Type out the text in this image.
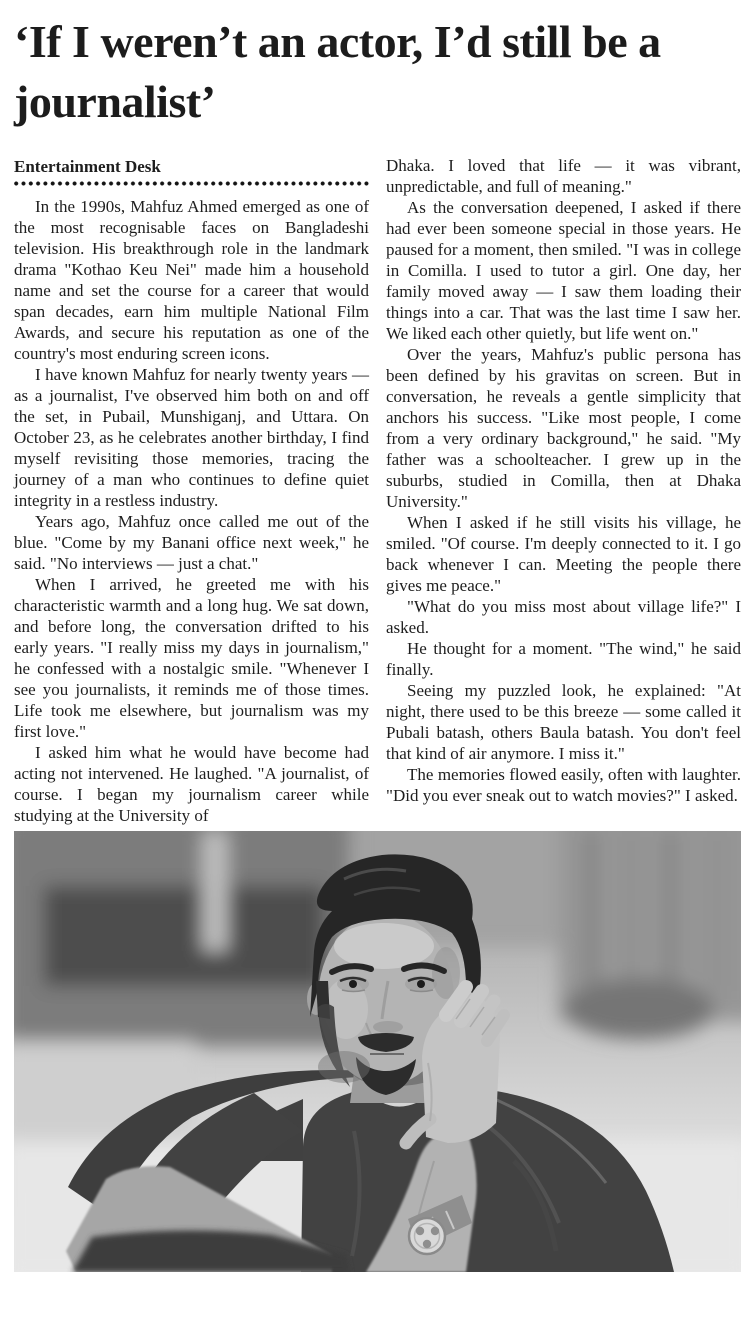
‘If I weren’t an actor, I’d still be a journalist’
Entertainment Desk

In the 1990s, Mahfuz Ahmed emerged as one of the most recognisable faces on Bangladeshi television. His breakthrough role in the landmark drama "Kothao Keu Nei" made him a household name and set the course for a career that would span decades, earn him multiple National Film Awards, and secure his reputation as one of the country's most enduring screen icons.

I have known Mahfuz for nearly twenty years — as a journalist, I've observed him both on and off the set, in Pubail, Munshiganj, and Uttara. On October 23, as he celebrates another birthday, I find myself revisiting those memories, tracing the journey of a man who continues to define quiet integrity in a restless industry.

Years ago, Mahfuz once called me out of the blue. "Come by my Banani office next week," he said. "No interviews — just a chat."

When I arrived, he greeted me with his characteristic warmth and a long hug. We sat down, and before long, the conversation drifted to his early years. "I really miss my days in journalism," he confessed with a nostalgic smile. "Whenever I see you journalists, it reminds me of those times. Life took me elsewhere, but journalism was my first love."

I asked him what he would have become had acting not intervened. He laughed. "A journalist, of course. I began my journalism career while studying at the University of

Dhaka. I loved that life — it was vibrant, unpredictable, and full of meaning."

As the conversation deepened, I asked if there had ever been someone special in those years. He paused for a moment, then smiled. "I was in college in Comilla. I used to tutor a girl. One day, her family moved away — I saw them loading their things into a car. That was the last time I saw her. We liked each other quietly, but life went on."

Over the years, Mahfuz's public persona has been defined by his gravitas on screen. But in conversation, he reveals a gentle simplicity that anchors his success. "Like most people, I come from a very ordinary background," he said. "My father was a schoolteacher. I grew up in the suburbs, studied in Comilla, then at Dhaka University."

When I asked if he still visits his village, he smiled. "Of course. I'm deeply connected to it. I go back whenever I can. Meeting the people there gives me peace."

"What do you miss most about village life?" I asked.

He thought for a moment. "The wind," he said finally.

Seeing my puzzled look, he explained: "At night, there used to be this breeze — some called it Pubali batash, others Baula batash. You don't feel that kind of air anymore. I miss it."

The memories flowed easily, often with laughter. "Did you ever sneak out to watch movies?" I asked.
